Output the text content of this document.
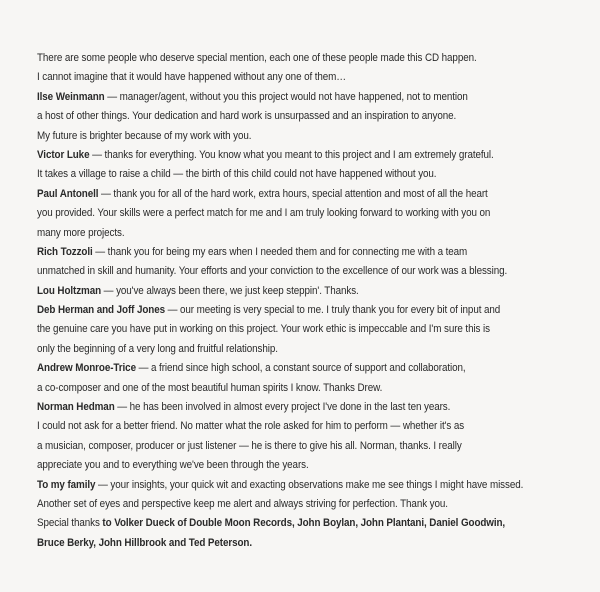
There are some people who deserve special mention, each one of these people made this CD happen.
I cannot imagine that it would have happened without any one of them…
Ilse Weinmann — manager/agent, without you this project would not have happened, not to mention
a host of other things. Your dedication and hard work is unsurpassed and an inspiration to anyone.
My future is brighter because of my work with you.
Victor Luke — thanks for everything. You know what you meant to this project and I am extremely grateful.
It takes a village to raise a child — the birth of this child could not have happened without you.
Paul Antonell — thank you for all of the hard work, extra hours, special attention and most of all the heart
you provided. Your skills were a perfect match for me and I am truly looking forward to working with you on
many more projects.
Rich Tozzoli — thank you for being my ears when I needed them and for connecting me with a team
unmatched in skill and humanity. Your efforts and your conviction to the excellence of our work was a blessing.
Lou Holtzman — you've always been there, we just keep steppin'. Thanks.
Deb Herman and Joff Jones — our meeting is very special to me. I truly thank you for every bit of input and
the genuine care you have put in working on this project. Your work ethic is impeccable and I'm sure this is
only the beginning of a very long and fruitful relationship.
Andrew Monroe-Trice — a friend since high school, a constant source of support and collaboration,
a co-composer and one of the most beautiful human spirits I know. Thanks Drew.
Norman Hedman — he has been involved in almost every project I've done in the last ten years.
I could not ask for a better friend. No matter what the role asked for him to perform — whether it's as
a musician, composer, producer or just listener — he is there to give his all. Norman, thanks. I really
appreciate you and to everything we've been through the years.
To my family — your insights, your quick wit and exacting observations make me see things I might have missed.
Another set of eyes and perspective keep me alert and always striving for perfection. Thank you.
Special thanks to Volker Dueck of Double Moon Records, John Boylan, John Plantani, Daniel Goodwin,
Bruce Berky, John Hillbrook and Ted Peterson.
